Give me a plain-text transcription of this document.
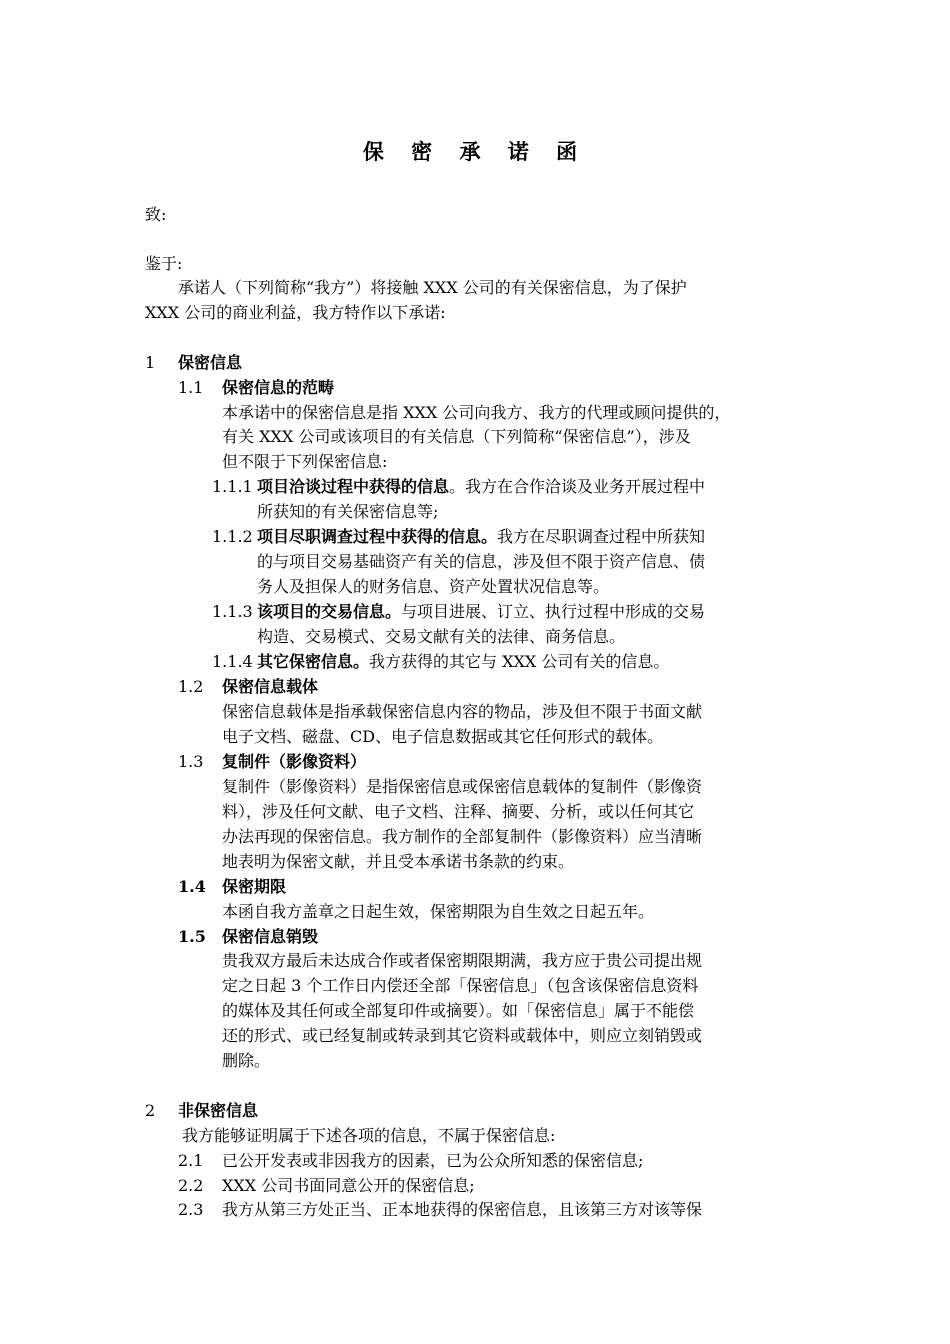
保 密 承 诺 函
致:
鉴于:
承诺人（下列简称“我方”）将接触 XXX 公司的有关保密信息，为了保护
XXX 公司的商业利益，我方特作以下承诺:
1 保密信息
1.1 保密信息的范畴
本承诺中的保密信息是指 XXX 公司向我方、我方的代理或顾问提供的，
有关 XXX 公司或该项目的有关信息（下列简称“保密信息”），涉及
但不限于下列保密信息:
1.1.1 项目洽谈过程中获得的信息。我方在合作洽谈及业务开展过程中
所获知的有关保密信息等;
1.1.2 项目尽职调查过程中获得的信息。我方在尽职调查过程中所获知
的与项目交易基础资产有关的信息，涉及但不限于资产信息、债
务人及担保人的财务信息、资产处置状况信息等。
1.1.3 该项目的交易信息。与项目进展、订立、执行过程中形成的交易
构造、交易模式、交易文献有关的法律、商务信息。
1.1.4 其它保密信息。我方获得的其它与 XXX 公司有关的信息。
1.2 保密信息载体
保密信息载体是指承载保密信息内容的物品，涉及但不限于书面文献
电子文档、磁盘、CD、电子信息数据或其它任何形式的载体。
1.3 复制件（影像资料）
复制件（影像资料）是指保密信息或保密信息载体的复制件（影像资
料），涉及任何文献、电子文档、注释、摘要、分析，或以任何其它
办法再现的保密信息。我方制作的全部复制件（影像资料）应当清晰
地表明为保密文献，并且受本承诺书条款的约束。
1.4 保密期限
本函自我方盖章之日起生效，保密期限为自生效之日起五年。
1.5 保密信息销毁
贵我双方最后未达成合作或者保密期限期满，我方应于贵公司提出规
定之日起 3 个工作日内偿还全部「保密信息」（包含该保密信息资料
的媒体及其任何或全部复印件或摘要）。如「保密信息」属于不能偿
还的形式、或已经复制或转录到其它资料或载体中，则应立刻销毁或
删除。
2 非保密信息
我方能够证明属于下述各项的信息，不属于保密信息:
2.1 已公开发表或非因我方的因素，已为公众所知悉的保密信息;
2.2 XXX 公司书面同意公开的保密信息;
2.3 我方从第三方处正当、正本地获得的保密信息，且该第三方对该等保
